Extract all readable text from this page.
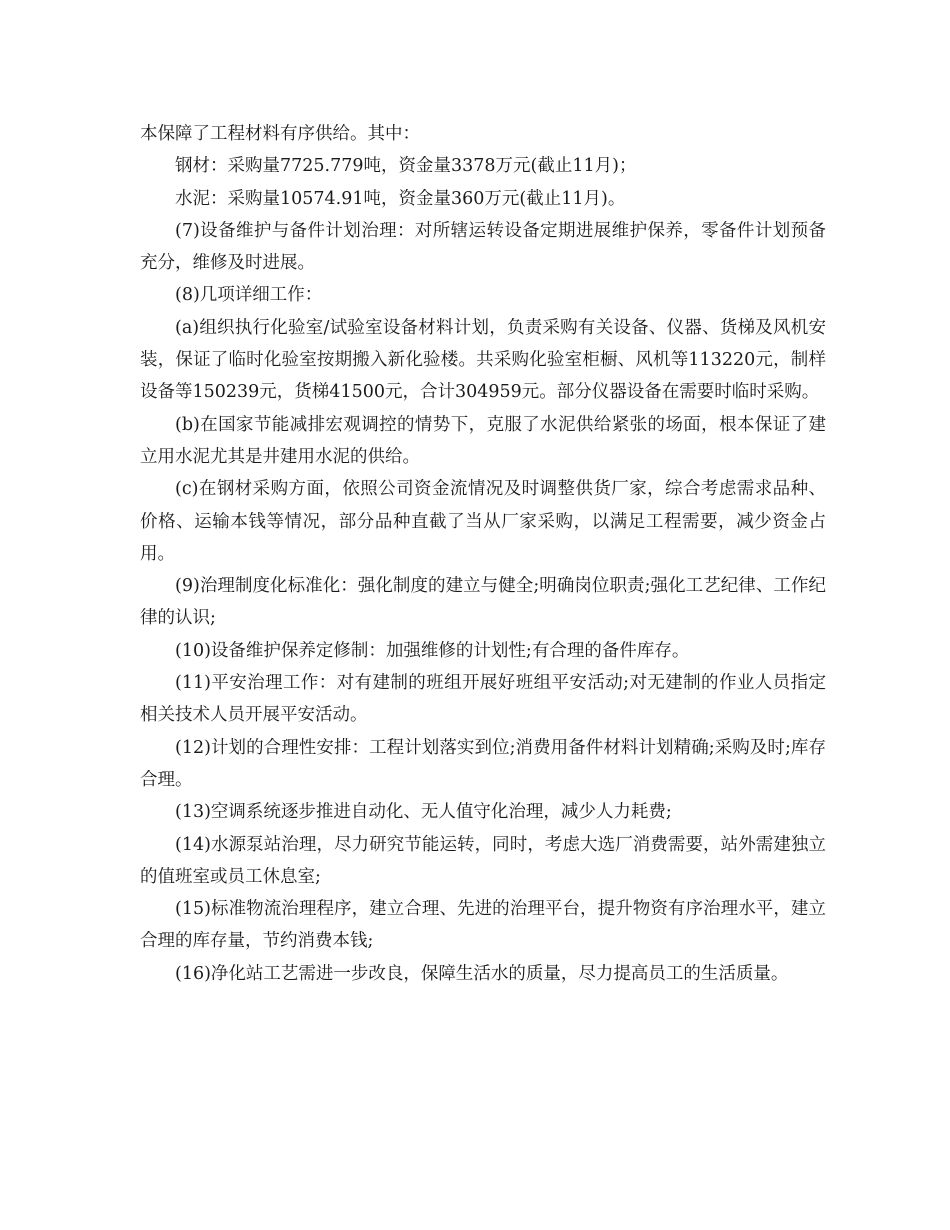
本保障了工程材料有序供给。其中：

钢材：采购量7725.779吨，资金量3378万元(截止11月)；

水泥：采购量10574.91吨，资金量360万元(截止11月)。

(7)设备维护与备件计划治理：对所辖运转设备定期进展维护保养，零备件计划预备充分，维修及时进展。

(8)几项详细工作：

(a)组织执行化验室/试验室设备材料计划，负责采购有关设备、仪器、货梯及风机安装，保证了临时化验室按期搬入新化验楼。共采购化验室柜橱、风机等113220元，制样设备等150239元，货梯41500元，合计304959元。部分仪器设备在需要时临时采购。

(b)在国家节能减排宏观调控的情势下，克服了水泥供给紧张的场面，根本保证了建立用水泥尤其是井建用水泥的供给。

(c)在钢材采购方面，依照公司资金流情况及时调整供货厂家，综合考虑需求品种、价格、运输本钱等情况，部分品种直截了当从厂家采购，以满足工程需要，减少资金占用。

(9)治理制度化标准化：强化制度的建立与健全;明确岗位职责;强化工艺纪律、工作纪律的认识;

(10)设备维护保养定修制：加强维修的计划性;有合理的备件库存。

(11)平安治理工作：对有建制的班组开展好班组平安活动;对无建制的作业人员指定相关技术人员开展平安活动。

(12)计划的合理性安排：工程计划落实到位;消费用备件材料计划精确;采购及时;库存合理。

(13)空调系统逐步推进自动化、无人值守化治理，减少人力耗费;

(14)水源泵站治理，尽力研究节能运转，同时，考虑大选厂消费需要，站外需建独立的值班室或员工休息室;

(15)标准物流治理程序，建立合理、先进的治理平台，提升物资有序治理水平，建立合理的库存量，节约消费本钱;

(16)净化站工艺需进一步改良，保障生活水的质量，尽力提高员工的生活质量。
